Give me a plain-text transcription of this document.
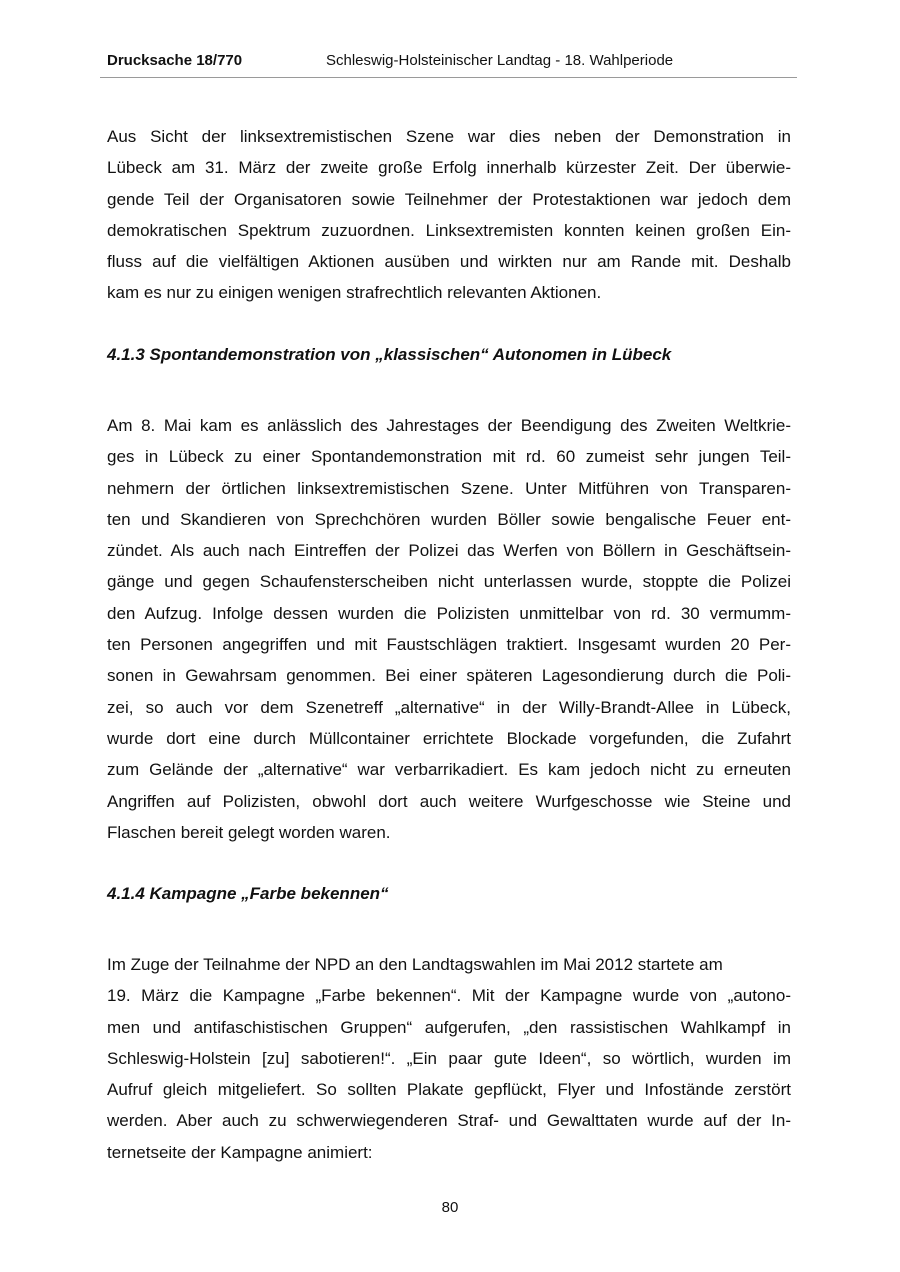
Drucksache 18/770	Schleswig-Holsteinischer Landtag - 18. Wahlperiode
Aus Sicht der linksextremistischen Szene war dies neben der Demonstration in
Lübeck am 31. März der zweite große Erfolg innerhalb kürzester Zeit. Der überwie-
gende Teil der Organisatoren sowie Teilnehmer der Protestaktionen war jedoch dem
demokratischen Spektrum zuzuordnen. Linksextremisten konnten keinen großen Ein-
fluss auf die vielfältigen Aktionen ausüben und wirkten nur am Rande mit. Deshalb
kam es nur zu einigen wenigen strafrechtlich relevanten Aktionen.
4.1.3 Spontandemonstration von „klassischen“ Autonomen in Lübeck
Am 8. Mai kam es anlässlich des Jahrestages der Beendigung des Zweiten Weltkrie-
ges in Lübeck zu einer Spontandemonstration mit rd. 60 zumeist sehr jungen Teil-
nehmern der örtlichen linksextremistischen Szene. Unter Mitführen von Transparen-
ten und Skandieren von Sprechchören wurden Böller sowie bengalische Feuer ent-
zündet. Als auch nach Eintreffen der Polizei das Werfen von Böllern in Geschäftsein-
gänge und gegen Schaufensterscheiben nicht unterlassen wurde, stoppte die Polizei
den Aufzug. Infolge dessen wurden die Polizisten unmittelbar von rd. 30 vermumm-
ten Personen angegriffen und mit Faustschlägen traktiert. Insgesamt wurden 20 Per-
sonen in Gewahrsam genommen. Bei einer späteren Lagesondierung durch die Poli-
zei, so auch vor dem Szenetreff „alternative“ in der Willy-Brandt-Allee in Lübeck,
wurde dort eine durch Müllcontainer errichtete Blockade vorgefunden, die Zufahrt
zum Gelände der „alternative“ war verbarrikadiert. Es kam jedoch nicht zu erneuten
Angriffen auf Polizisten, obwohl dort auch weitere Wurfgeschosse wie Steine und
Flaschen bereit gelegt worden waren.
4.1.4 Kampagne „Farbe bekennen“
Im Zuge der Teilnahme der NPD an den Landtagswahlen im Mai 2012 startete am
19. März die Kampagne „Farbe bekennen“. Mit der Kampagne wurde von „autono-
men und antifaschistischen Gruppen“ aufgerufen, „den rassistischen Wahlkampf in
Schleswig-Holstein [zu] sabotieren!“. „Ein paar gute Ideen“, so wörtlich, wurden im
Aufruf gleich mitgeliefert. So sollten Plakate gepflückt, Flyer und Infostände zerstört
werden. Aber auch zu schwerwiegenderen Straf- und Gewalttaten wurde auf der In-
ternetseite der Kampagne animiert:
80
